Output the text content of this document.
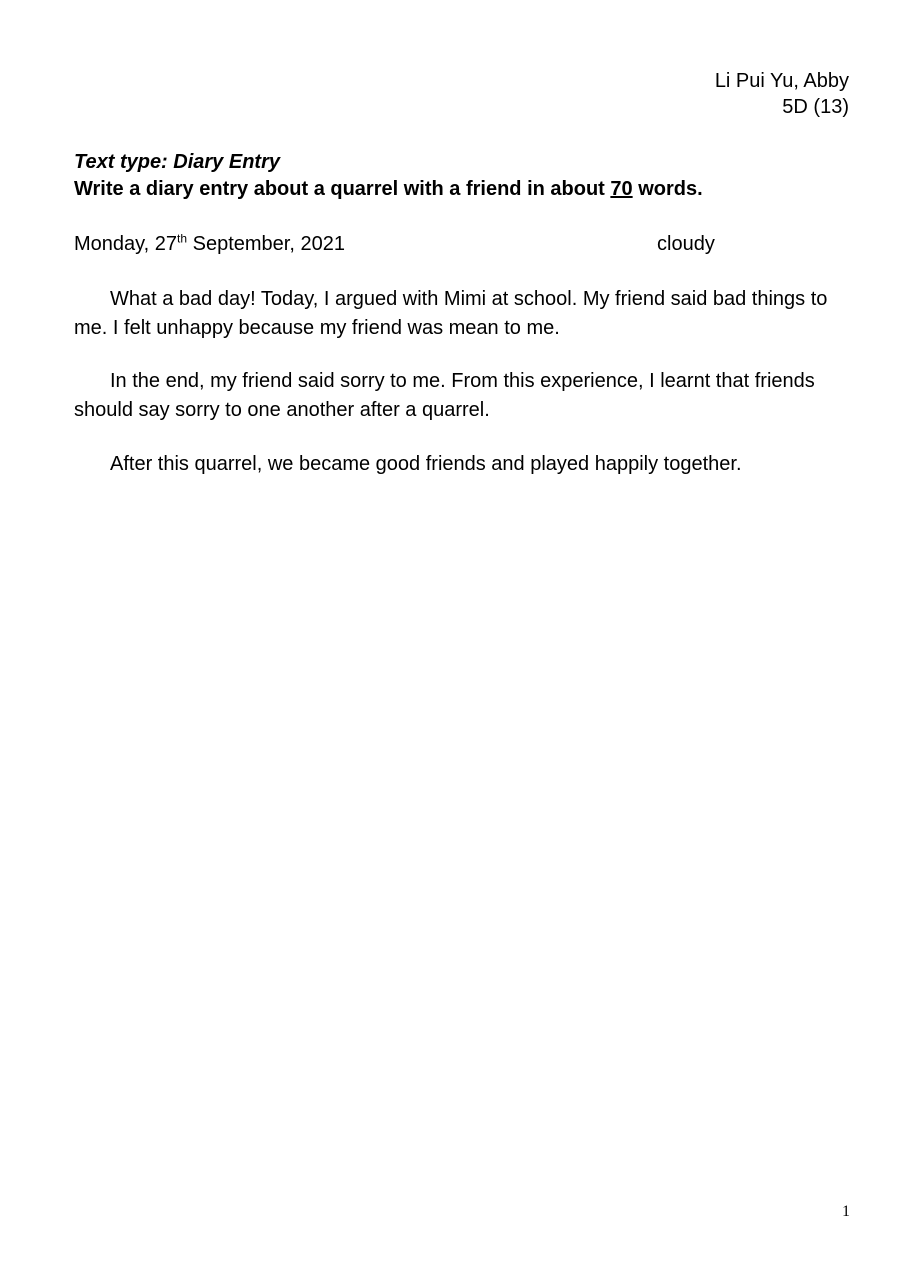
Li Pui Yu, Abby
5D (13)
Text type: Diary Entry
Write a diary entry about a quarrel with a friend in about 70 words.
Monday, 27th September, 2021	cloudy

What a bad day! Today, I argued with Mimi at school. My friend said bad things to me. I felt unhappy because my friend was mean to me.

In the end, my friend said sorry to me. From this experience, I learnt that friends should say sorry to one another after a quarrel.

After this quarrel, we became good friends and played happily together.

1
